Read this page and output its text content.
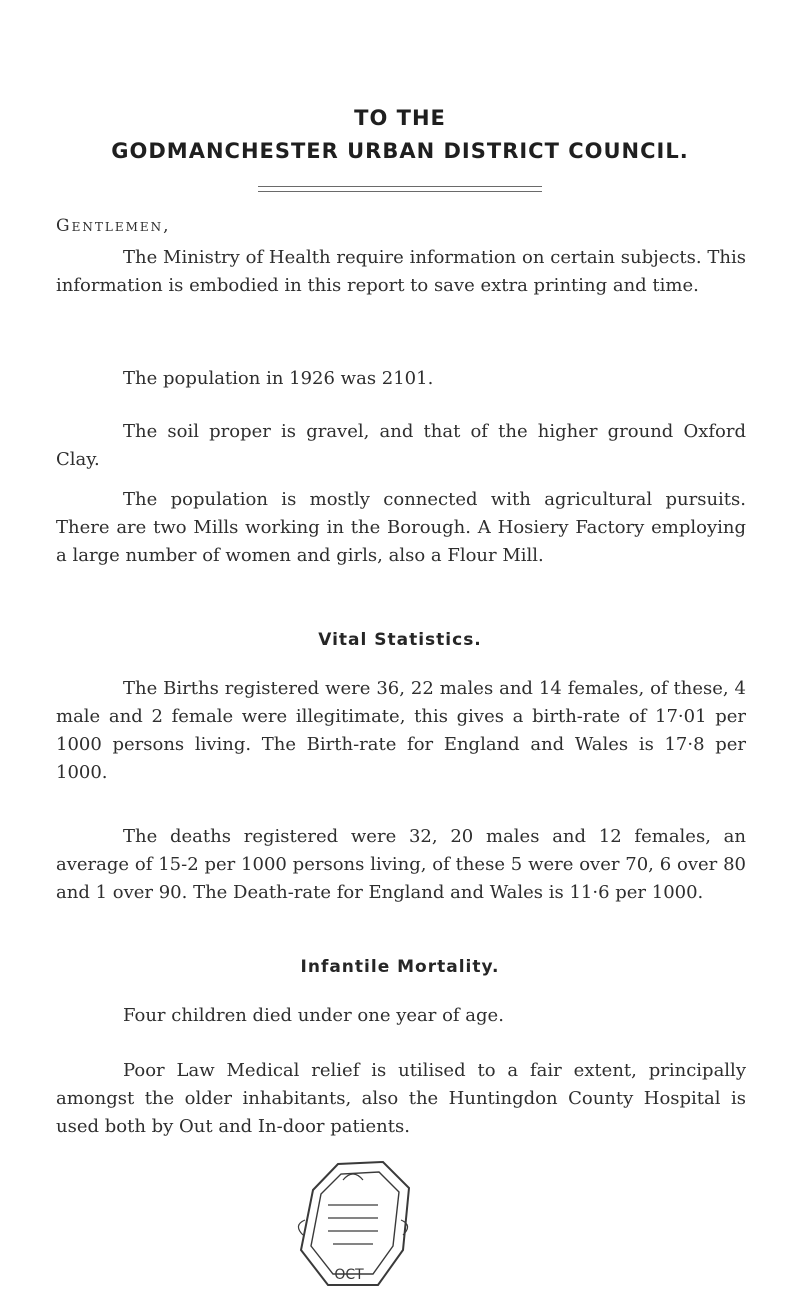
TO THE
GODMANCHESTER URBAN DISTRICT COUNCIL.

Gentlemen,

The Ministry of Health require information on certain subjects. This information is embodied in this report to save extra printing and time.

The population in 1926 was 2101.

The soil proper is gravel, and that of the higher ground Oxford Clay.

The population is mostly connected with agricultural pursuits. There are two Mills working in the Borough. A Hosiery Factory employing a large number of women and girls, also a Flour Mill.

Vital Statistics.

The Births registered were 36, 22 males and 14 females, of these, 4 male and 2 female were illegitimate, this gives a birth-rate of 17·01 per 1000 persons living. The Birth-rate for England and Wales is 17·8 per 1000.

The deaths registered were 32, 20 males and 12 females, an average of 15-2 per 1000 persons living, of these 5 were over 70, 6 over 80 and 1 over 90. The Death-rate for England and Wales is 11·6 per 1000.

Infantile Mortality.

Four children died under one year of age.

Poor Law Medical relief is utilised to a fair extent, principally amongst the older inhabitants, also the Huntingdon County Hospital is used both by Out and In-door patients.

OCT
